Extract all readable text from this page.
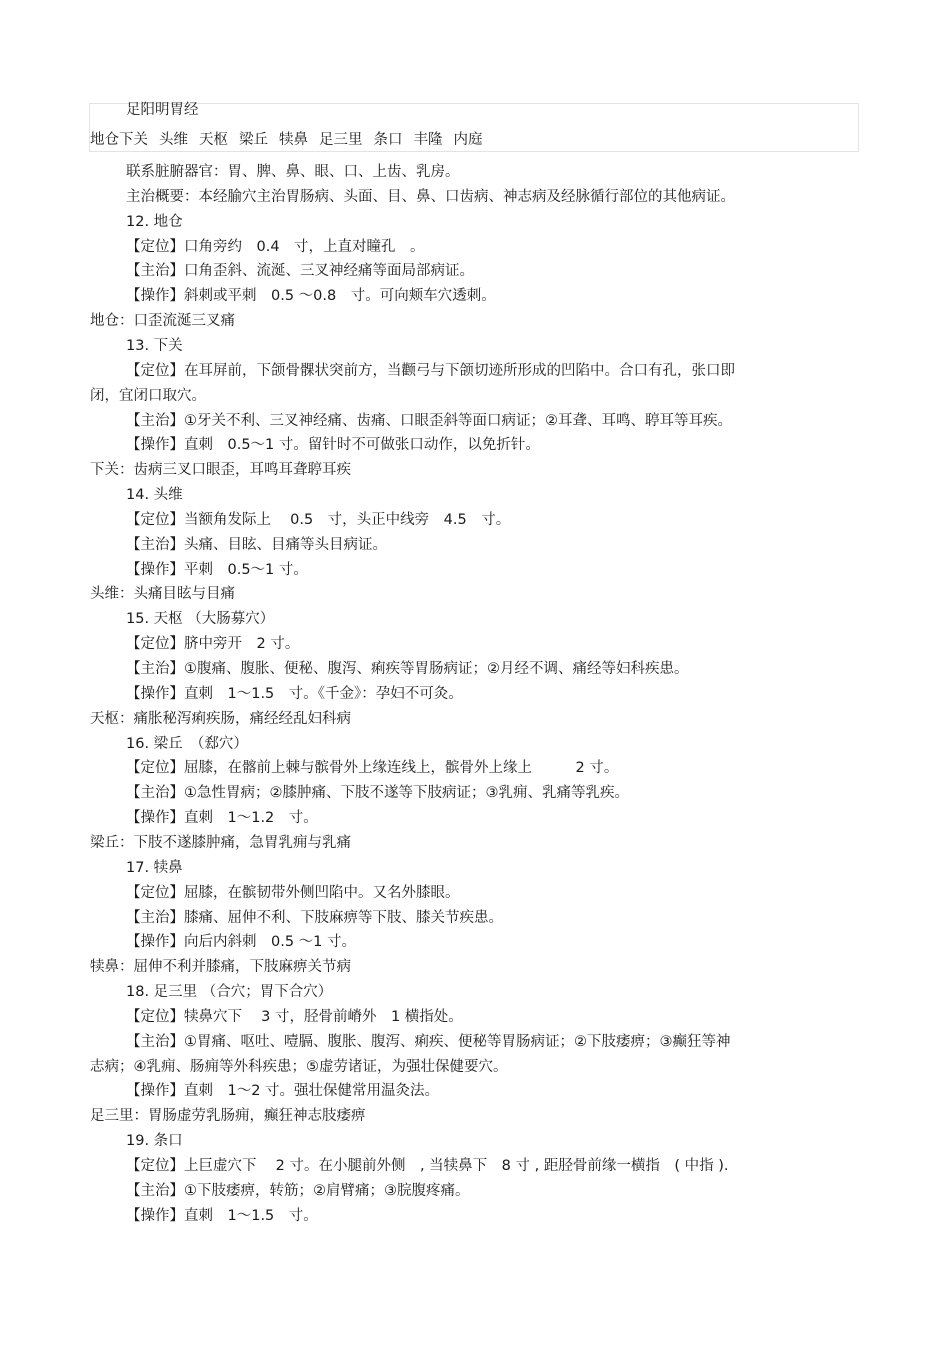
足阳明胃经
地仓下关 头维 天枢 梁丘 犊鼻 足三里 条口 丰隆 内庭
联系脏腑器官：胃、脾、鼻、眼、口、上齿、乳房。
主治概要：本经腧穴主治胃肠病、头面、目、鼻、口齿病、神志病及经脉循行部位的其他病证。
12. 地仓
【定位】口角旁约　0.4　寸，上直对瞳孔　。
【主治】口角歪斜、流涎、三叉神经痛等面局部病证。
【操作】斜刺或平刺　0.5 ～0.8　寸。可向颊车穴透刺。
地仓：口歪流涎三叉痛
13. 下关
【定位】在耳屏前，下颌骨髁状突前方，当颧弓与下颌切迹所形成的凹陷中。合口有孔，张口即
闭，宜闭口取穴。
【主治】①牙关不利、三叉神经痛、齿痛、口眼歪斜等面口病证；②耳聋、耳鸣、聤耳等耳疾。
【操作】直刺　0.5～1 寸。留针时不可做张口动作，以免折针。
下关：齿病三叉口眼歪，耳鸣耳聋聤耳疾
14. 头维
【定位】当额角发际上　 0.5　寸，头正中线旁　4.5　寸。
【主治】头痛、目眩、目痛等头目病证。
【操作】平刺　0.5～1 寸。
头维：头痛目眩与目痛
15. 天枢 （大肠募穴）
【定位】脐中旁开　2 寸。
【主治】①腹痛、腹胀、便秘、腹泻、痢疾等胃肠病证；②月经不调、痛经等妇科疾患。
【操作】直刺　1～1.5　寸。《千金》：孕妇不可灸。
天枢：痛胀秘泻痢疾肠，痛经经乱妇科病
16. 梁丘　（郄穴）
【定位】屈膝，在髂前上棘与髌骨外上缘连线上，髌骨外上缘上　　　2 寸。
【主治】①急性胃病；②膝肿痛、下肢不遂等下肢病证；③乳痈、乳痛等乳疾。
【操作】直刺　1～1.2　寸。
梁丘：下肢不遂膝肿痛，急胃乳痈与乳痛
17. 犊鼻
【定位】屈膝，在髌韧带外侧凹陷中。又名外膝眼。
【主治】膝痛、屈伸不利、下肢麻痹等下肢、膝关节疾患。
【操作】向后内斜刺　0.5 ～1 寸。
犊鼻：屈伸不利并膝痛，下肢麻痹关节病
18. 足三里 （合穴；胃下合穴）
【定位】犊鼻穴下　 3 寸，胫骨前嵴外　1 横指处。
【主治】①胃痛、呕吐、噎膈、腹胀、腹泻、痢疾、便秘等胃肠病证；②下肢痿痹；③癫狂等神
志病；④乳痈、肠痈等外科疾患；⑤虚劳诸证，为强壮保健要穴。
【操作】直刺　1～2 寸。强壮保健常用温灸法。
足三里：胃肠虚劳乳肠痈，癫狂神志肢痿痹
19. 条口
【定位】上巨虚穴下　 2 寸。在小腿前外侧　, 当犊鼻下　8 寸 , 距胫骨前缘一横指　( 中指 ).
【主治】①下肢痿痹，转筋；②肩臂痛；③脘腹疼痛。
【操作】直刺　1～1.5　寸。
